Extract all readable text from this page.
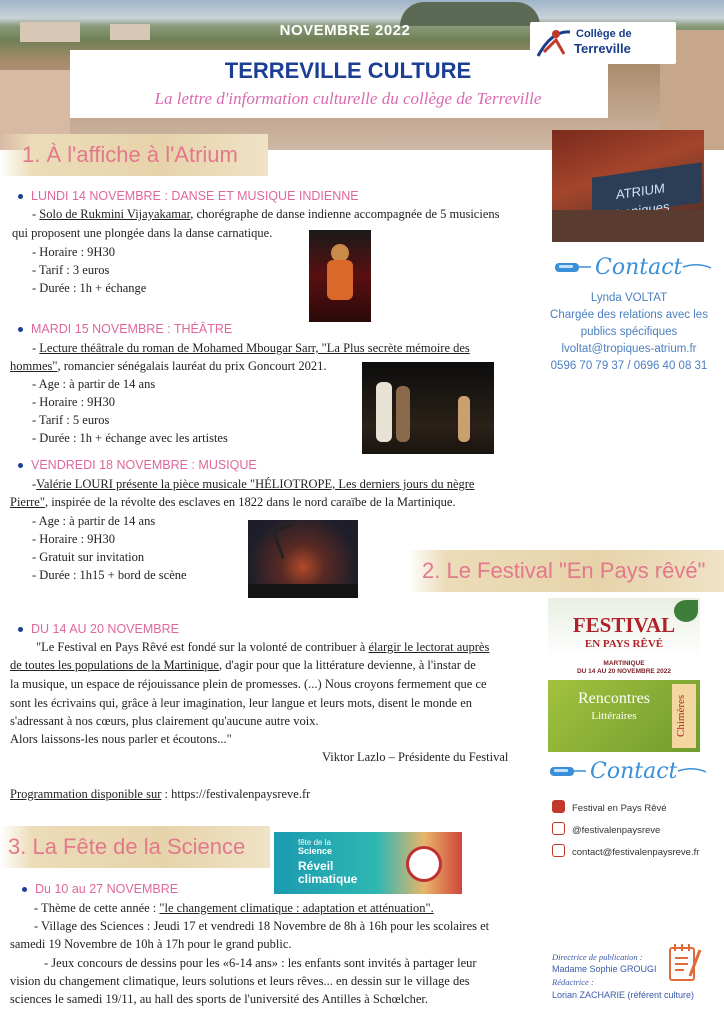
NOVEMBRE 2022	Collège de
Terreville
TERREVILLE CULTURE
La lettre d'information culturelle du collège de Terreville
1. À l'affiche à l'Atrium
ATRIUM
Contact
Lynda VOLTAT
Chargée des relations avec les
publics spécifiques
lvoltat@tropiques-atrium.fr
0596 70 79 37 / 0696 40 08 31
LUNDI 14 NOVEMBRE : DANSE ET MUSIQUE INDIENNE
- Solo de Rukmini Vijayakamar, chorégraphe de danse indienne accompagnée de 5 musiciens
qui proposent une plongée dans la danse carnatique.
- Horaire : 9H30
- Tarif : 3 euros
- Durée : 1h + échange
MARDI 15 NOVEMBRE : THÉÂTRE
- Lecture théâtrale du roman de Mohamed Mbougar Sarr, "La Plus secrète mémoire des
hommes", romancier sénégalais lauréat du prix Goncourt 2021.
- Age : à partir de 14 ans
- Horaire : 9H30
- Tarif : 5 euros
- Durée : 1h + échange avec les artistes
VENDREDI 18 NOVEMBRE : MUSIQUE
-Valérie LOURI présente la pièce musicale "HÉLIOTROPE, Les derniers jours du nègre
Pierre", inspirée de la révolte des esclaves en 1822 dans le nord caraïbe de la Martinique.
- Age : à partir de 14 ans
- Horaire : 9H30
- Gratuit sur invitation
- Durée : 1h15 + bord de scène	2. Le Festival "En Pays rêvé"
DU 14 AU 20 NOVEMBRE
"Le Festival en Pays Rêvé est fondé sur la volonté de contribuer à élargir le lectorat auprès
de toutes les populations de la Martinique, d'agir pour que la littérature devienne, à l'instar de
la musique, un espace de réjouissance plein de promesses. (...) Nous croyons fermement que ce
sont les écrivains qui, grâce à leur imagination, leur langue et leurs mots, disent le monde en
s'adressant à nos cœurs, plus clairement qu'aucune autre voix.
Alors laissons-les nous parler et écoutons..."
Viktor Lazlo – Présidente du Festival
Programmation disponible sur : https://festivalenpaysreve.fr
FESTIVAL
EN PAYS RÊVÉ
MARTINIQUE
DU 14 AU 20 NOVEMBRE 2022
Rencontres
Littéraires	Chimères
Contact
Festival en Pays Rêvé
@festivalenpaysreve
contact@festivalenpaysreve.fr
3. La Fête de la Science	fête de la
Science
Réveil
climatique
Du 10 au 27 NOVEMBRE
- Thème de cette année : "le changement climatique : adaptation et atténuation".
- Village des Sciences : Jeudi 17 et vendredi 18 Novembre de 8h à 16h pour les scolaires et
samedi 19 Novembre de 10h à 17h pour le grand public.
- Jeux concours de dessins pour les «6-14 ans» : les enfants sont invités à partager leur
vision du changement climatique, leurs solutions et leurs rêves... en dessin sur le village des
sciences le samedi 19/11, au hall des sports de l'université des Antilles à Schœlcher.
Directrice de publication :
Madame Sophie GROUGI
Rédactrice :
Lorian ZACHARIE (référent culture)
